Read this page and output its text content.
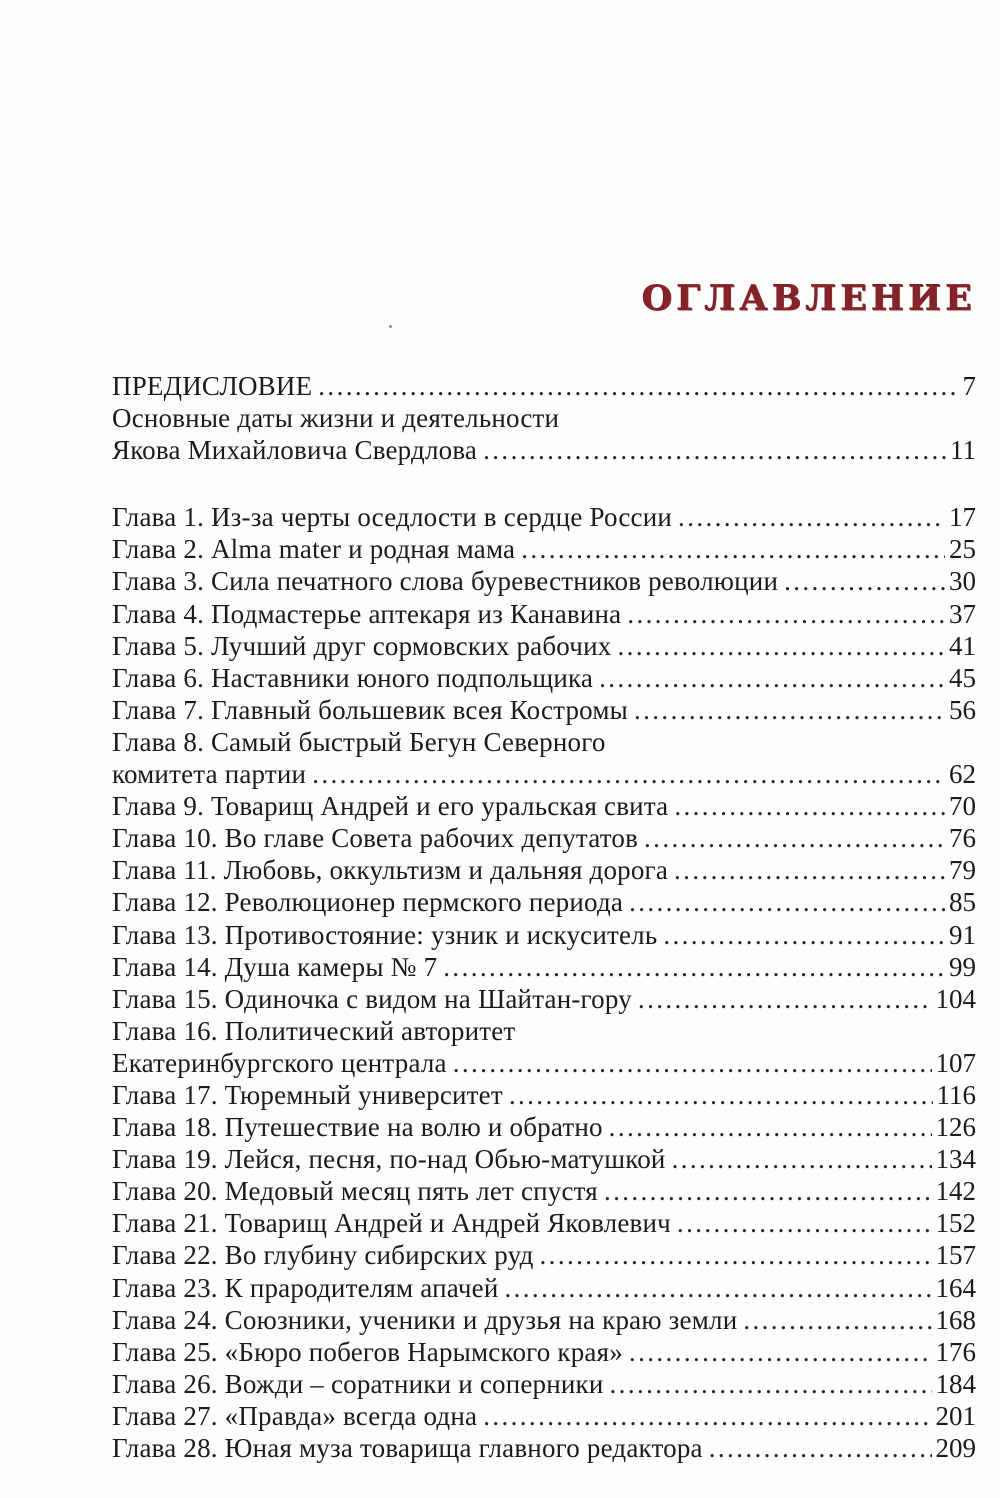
ОГЛАВЛЕНИЕ
ПРЕДИСЛОВИЕ .....	7
Основные даты жизни и деятельности
Якова Михайловича Свердлова .....	11
Глава 1. Из-за черты оседлости в сердце России .....	17
Глава 2. Alma mater и родная мама .....	25
Глава 3. Сила печатного слова буревестников революции .....	30
Глава 4. Подмастерье аптекаря из Канавина .....	37
Глава 5. Лучший друг сормовских рабочих .....	41
Глава 6. Наставники юного подпольщика .....	45
Глава 7. Главный большевик всея Костромы .....	56
Глава 8. Самый быстрый Бегун Северного
комитета партии .....	62
Глава 9. Товарищ Андрей и его уральская свита .....	70
Глава 10. Во главе Совета рабочих депутатов .....	76
Глава 11. Любовь, оккультизм и дальняя дорога .....	79
Глава 12. Революционер пермского периода .....	85
Глава 13. Противостояние: узник и искуситель .....	91
Глава 14. Душа камеры № 7 .....	99
Глава 15. Одиночка с видом на Шайтан-гору .....	104
Глава 16. Политический авторитет
Екатеринбургского централа .....	107
Глава 17. Тюремный университет .....	116
Глава 18. Путешествие на волю и обратно .....	126
Глава 19. Лейся, песня, по-над Обью-матушкой .....	134
Глава 20. Медовый месяц пять лет спустя .....	142
Глава 21. Товарищ Андрей и Андрей Яковлевич .....	152
Глава 22. Во глубину сибирских руд .....	157
Глава 23. К прародителям апачей .....	164
Глава 24. Союзники, ученики и друзья на краю земли .....	168
Глава 25. «Бюро побегов Нарымского края» .....	176
Глава 26. Вожди – соратники и соперники .....	184
Глава 27. «Правда» всегда одна .....	201
Глава 28. Юная муза товарища главного редактора .....	209
